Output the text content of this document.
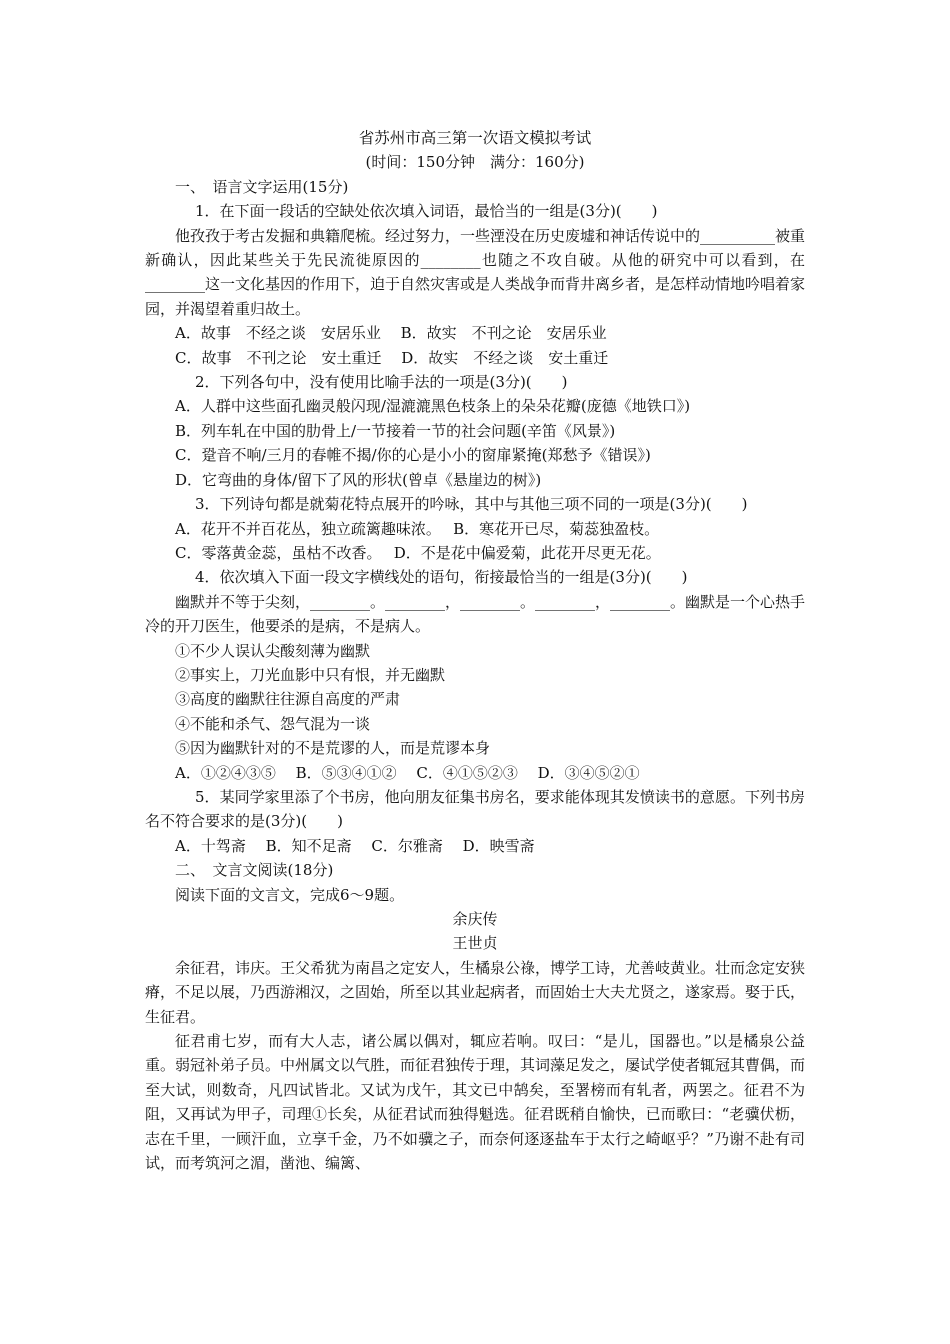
省苏州市高三第一次语文模拟考试
(时间：150分钟　满分：160分)
一、　语言文字运用(15分)
1．在下面一段话的空缺处依次填入词语，最恰当的一组是(3分)(　　)

他孜孜于考古发掘和典籍爬梳。经过努力，一些湮没在历史废墟和神话传说中的__________被重新确认，因此某些关于先民流徙原因的________也随之不攻自破。从他的研究中可以看到，在________这一文化基因的作用下，迫于自然灾害或是人类战争而背井离乡者，是怎样动情地吟唱着家园，并渴望着重归故土。

A．故事　不经之谈　安居乐业　 B．故实　不刊之论　安居乐业
C．故事　不刊之论　安土重迁　 D．故实　不经之谈　安土重迁
2．下列各句中，没有使用比喻手法的一项是(3分)(　　)
A．人群中这些面孔幽灵般闪现/湿漉漉黑色枝条上的朵朵花瓣(庞德《地铁口》)
B．列车轧在中国的肋骨上/一节接着一节的社会问题(辛笛《风景》)
C．跫音不响/三月的春帷不揭/你的心是小小的窗扉紧掩(郑愁予《错误》)
D．它弯曲的身体/留下了风的形状(曾卓《悬崖边的树》)

3．下列诗句都是就菊花特点展开的吟咏，其中与其他三项不同的一项是(3分)(　　)

A．花开不并百花丛，独立疏篱趣味浓。　 B．寒花开已尽，菊蕊独盈枝。
C．零落黄金蕊，虽枯不改香。　 D．不是花中偏爱菊，此花开尽更无花。
4．依次填入下面一段文字横线处的语句，衔接最恰当的一组是(3分)(　　)

幽默并不等于尖刻，________。________，________。________，________。幽默是一个心热手冷的开刀医生，他要杀的是病，不是病人。

①不少人误认尖酸刻薄为幽默
②事实上，刀光血影中只有恨，并无幽默
③高度的幽默往往源自高度的严肃
④不能和杀气、怨气混为一谈
⑤因为幽默针对的不是荒谬的人，而是荒谬本身
A．①②④③⑤　 B．⑤③④①②　 C．④①⑤②③　 D．③④⑤②①

5．某同学家里添了个书房，他向朋友征集书房名，要求能体现其发愤读书的意愿。下列书房名不符合要求的是(3分)(　　)

A．十驾斋　 B．知不足斋　 C．尔雅斋　 D．映雪斋
二、　文言文阅读(18分)
阅读下面的文言文，完成6～9题。
余庆传
王世贞

余征君，讳庆。王父希犹为南昌之定安人，生橘泉公祿，博学工诗，尤善岐黄业。壮而念定安狭瘠，不足以展，乃西游湘汉，之固始，所至以其业起病者，而固始士大夫尤贤之，遂家焉。娶于氏，生征君。

征君甫七岁，而有大人志，诸公属以偶对，辄应若响。叹曰：“是儿，国器也。”以是橘泉公益重。弱冠补弟子员。中州属文以气胜，而征君独传于理，其词藻足发之，屡试学使者辄冠其曹偶，而至大试，则数奇，凡四试皆北。又试为戊午，其文已中鹄矣，至署榜而有轧者，两罢之。征君不为阻，又再试为甲子，司理①长矣，从征君试而独得魁选。征君既稍自愉快，已而歌曰：“老骥伏枥，志在千里，一顾汗血，立享千金，乃不如骥之子，而奈何逐逐盐车于太行之崎岖乎？”乃谢不赴有司试，而考筑河之湄，凿池、编篱、
